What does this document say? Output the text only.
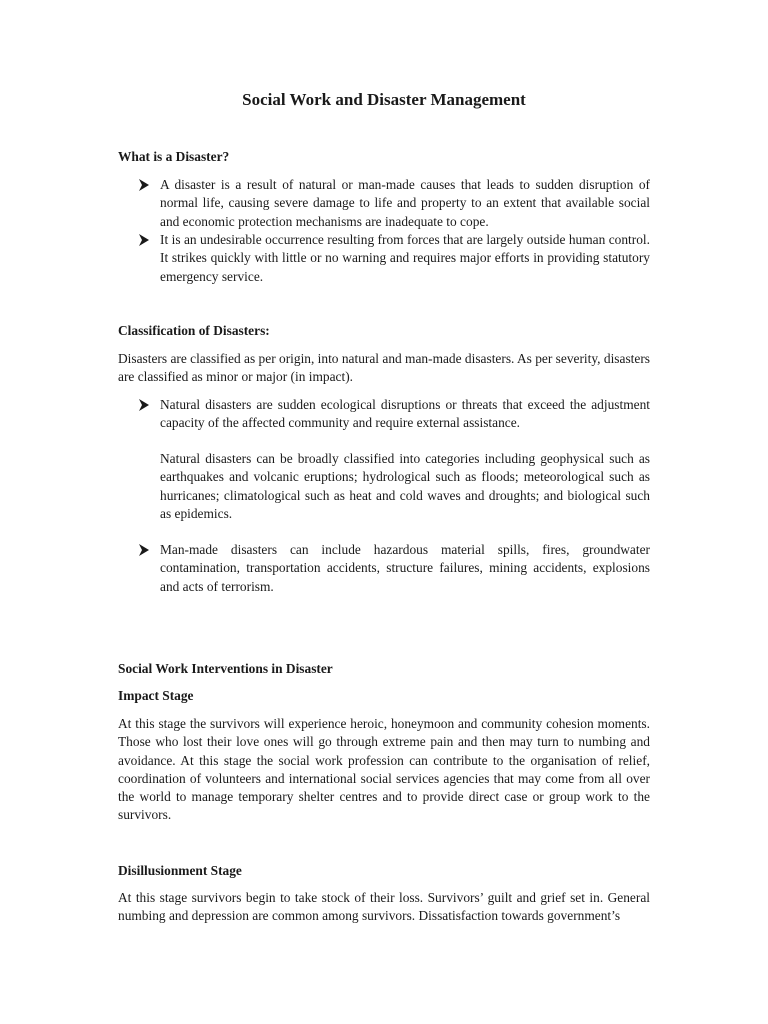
Social Work and Disaster Management
What is a Disaster?

A disaster is a result of natural or man-made causes that leads to sudden disruption of normal life, causing severe damage to life and property to an extent that available social and economic protection mechanisms are inadequate to cope.

It is an undesirable occurrence resulting from forces that are largely outside human control. It strikes quickly with little or no warning and requires major efforts in providing statutory emergency service.

Classification of Disasters:

Disasters are classified as per origin, into natural and man-made disasters. As per severity, disasters are classified as minor or major (in impact).

Natural disasters are sudden ecological disruptions or threats that exceed the adjustment capacity of the affected community and require external assistance.

Natural disasters can be broadly classified into categories including geophysical such as earthquakes and volcanic eruptions; hydrological such as floods; meteorological such as hurricanes; climatological such as heat and cold waves and droughts; and biological such as epidemics.

Man-made disasters can include hazardous material spills, fires, groundwater contamination, transportation accidents, structure failures, mining accidents, explosions and acts of terrorism.

Social Work Interventions in Disaster
Impact Stage

At this stage the survivors will experience heroic, honeymoon and community cohesion moments. Those who lost their love ones will go through extreme pain and then may turn to numbing and avoidance. At this stage the social work profession can contribute to the organisation of relief, coordination of volunteers and international social services agencies that may come from all over the world to manage temporary shelter centres and to provide direct case or group work to the survivors.

Disillusionment Stage

At this stage survivors begin to take stock of their loss. Survivors’ guilt and grief set in. General numbing and depression are common among survivors. Dissatisfaction towards government’s
